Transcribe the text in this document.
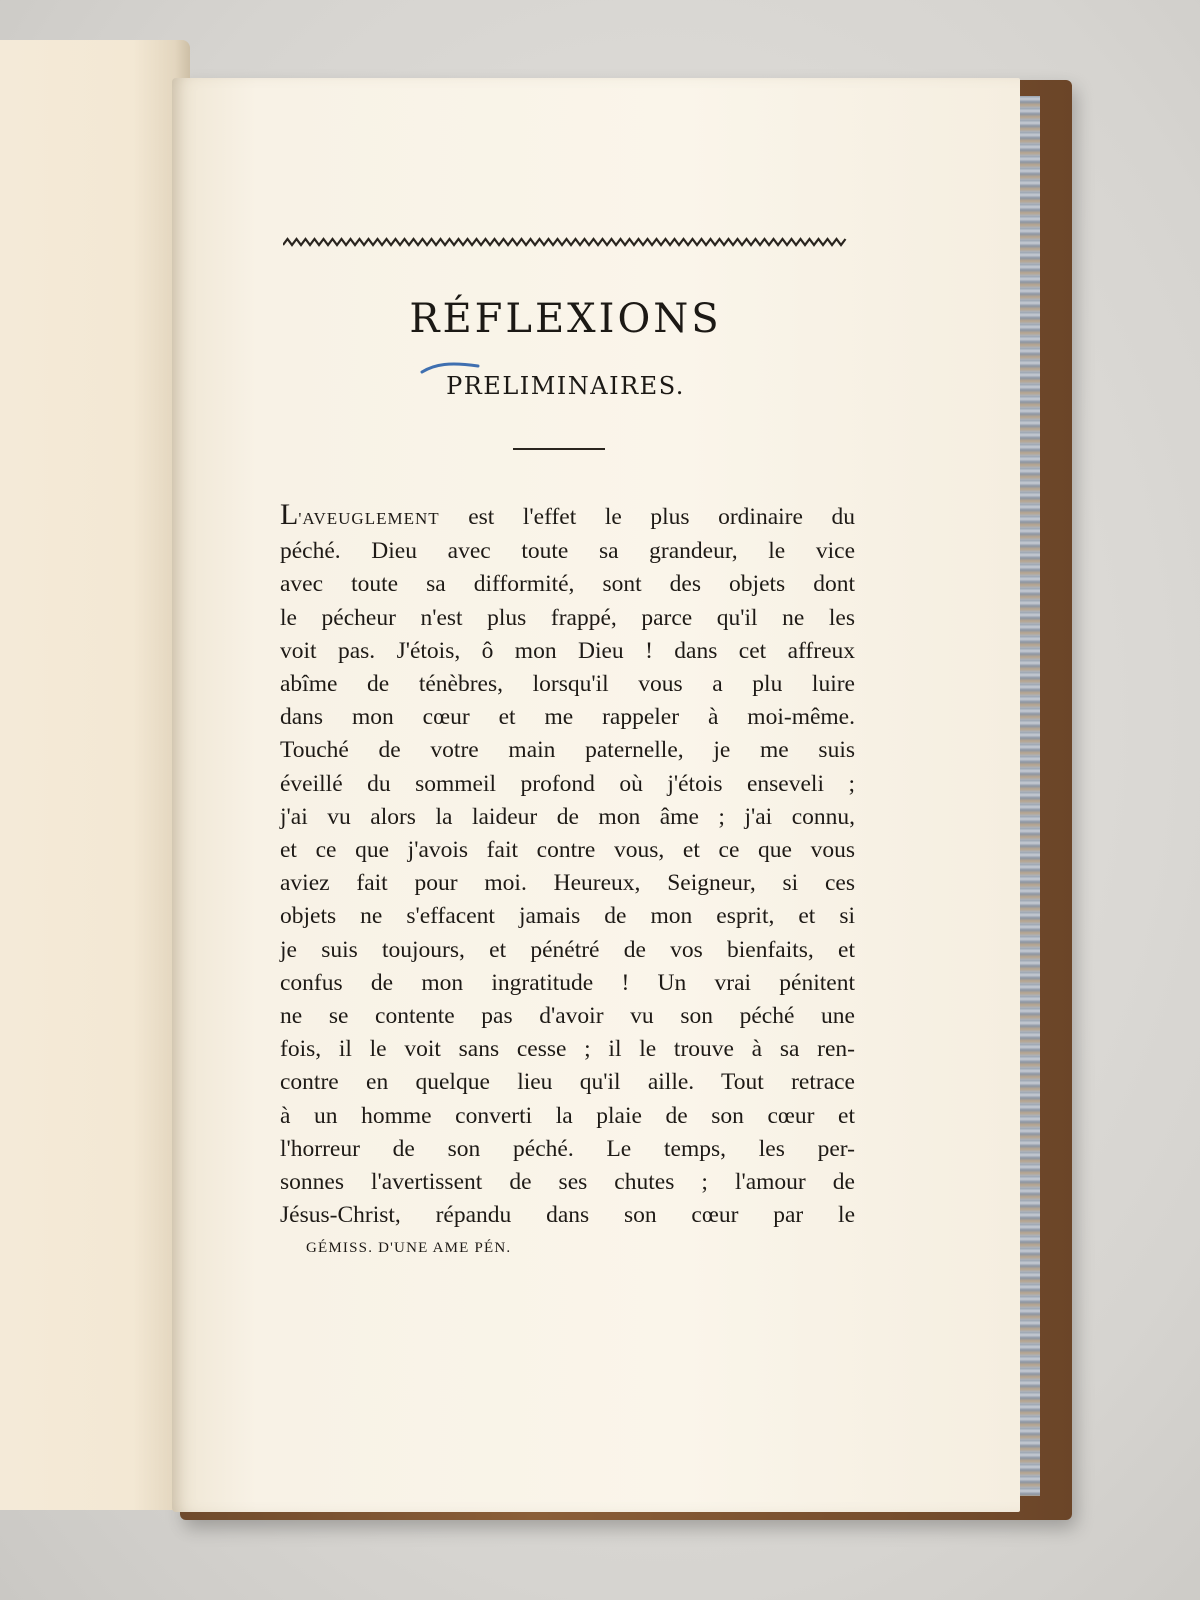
RÉFLEXIONS
PRELIMINAIRES.
L'AVEUGLEMENT est l'effet le plus ordinaire du
péché. Dieu avec toute sa grandeur, le vice
avec toute sa difformité, sont des objets dont
le pécheur n'est plus frappé, parce qu'il ne les
voit pas. J'étois, ô mon Dieu ! dans cet affreux
abîme de ténèbres, lorsqu'il vous a plu luire
dans mon cœur et me rappeler à moi-même.
Touché de votre main paternelle, je me suis
éveillé du sommeil profond où j'étois enseveli ;
j'ai vu alors la laideur de mon âme ; j'ai connu,
et ce que j'avois fait contre vous, et ce que vous
aviez fait pour moi. Heureux, Seigneur, si ces
objets ne s'effacent jamais de mon esprit, et si
je suis toujours, et pénétré de vos bienfaits, et
confus de mon ingratitude ! Un vrai pénitent
ne se contente pas d'avoir vu son péché une
fois, il le voit sans cesse ; il le trouve à sa ren-
contre en quelque lieu qu'il aille. Tout retrace
à un homme converti la plaie de son cœur et
l'horreur de son péché. Le temps, les per-
sonnes l'avertissent de ses chutes ; l'amour de
Jésus-Christ, répandu dans son cœur par le
GÉMISS. D'UNE AME PÉN.
